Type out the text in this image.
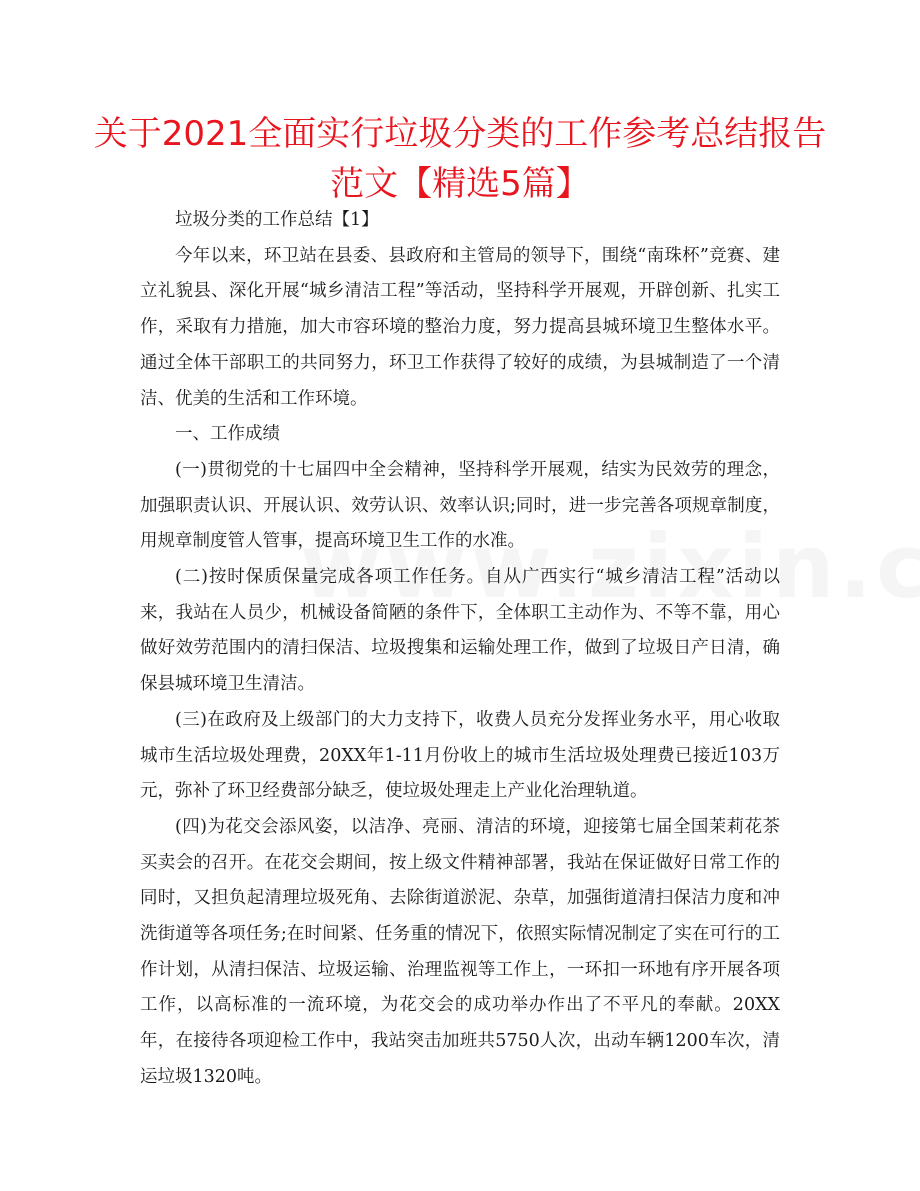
关于2021全面实行垃圾分类的工作参考总结报告
范文【精选5篇】

垃圾分类的工作总结【1】

今年以来，环卫站在县委、县政府和主管局的领导下，围绕“南珠杯”竞赛、建立礼貌县、深化开展“城乡清洁工程”等活动，坚持科学开展观，开辟创新、扎实工作，采取有力措施，加大市容环境的整治力度，努力提高县城环境卫生整体水平。通过全体干部职工的共同努力，环卫工作获得了较好的成绩，为县城制造了一个清洁、优美的生活和工作环境。

一、工作成绩

(一)贯彻党的十七届四中全会精神，坚持科学开展观，结实为民效劳的理念，加强职责认识、开展认识、效劳认识、效率认识;同时，进一步完善各项规章制度，用规章制度管人管事，提高环境卫生工作的水准。

(二)按时保质保量完成各项工作任务。自从广西实行“城乡清洁工程”活动以来，我站在人员少，机械设备简陋的条件下，全体职工主动作为、不等不靠，用心做好效劳范围内的清扫保洁、垃圾搜集和运输处理工作，做到了垃圾日产日清，确保县城环境卫生清洁。

(三)在政府及上级部门的大力支持下，收费人员充分发挥业务水平，用心收取城市生活垃圾处理费，20XX年1-11月份收上的城市生活垃圾处理费已接近103万元，弥补了环卫经费部分缺乏，使垃圾处理走上产业化治理轨道。

(四)为花交会添风姿，以洁净、亮丽、清洁的环境，迎接第七届全国茉莉花茶买卖会的召开。在花交会期间，按上级文件精神部署，我站在保证做好日常工作的同时，又担负起清理垃圾死角、去除街道淤泥、杂草，加强街道清扫保洁力度和冲洗街道等各项任务;在时间紧、任务重的情况下，依照实际情况制定了实在可行的工作计划，从清扫保洁、垃圾运输、治理监视等工作上，一环扣一环地有序开展各项工作，以高标准的一流环境，为花交会的成功举办作出了不平凡的奉献。20XX年，在接待各项迎检工作中，我站突击加班共5750人次，出动车辆1200车次，清运垃圾1320吨。
